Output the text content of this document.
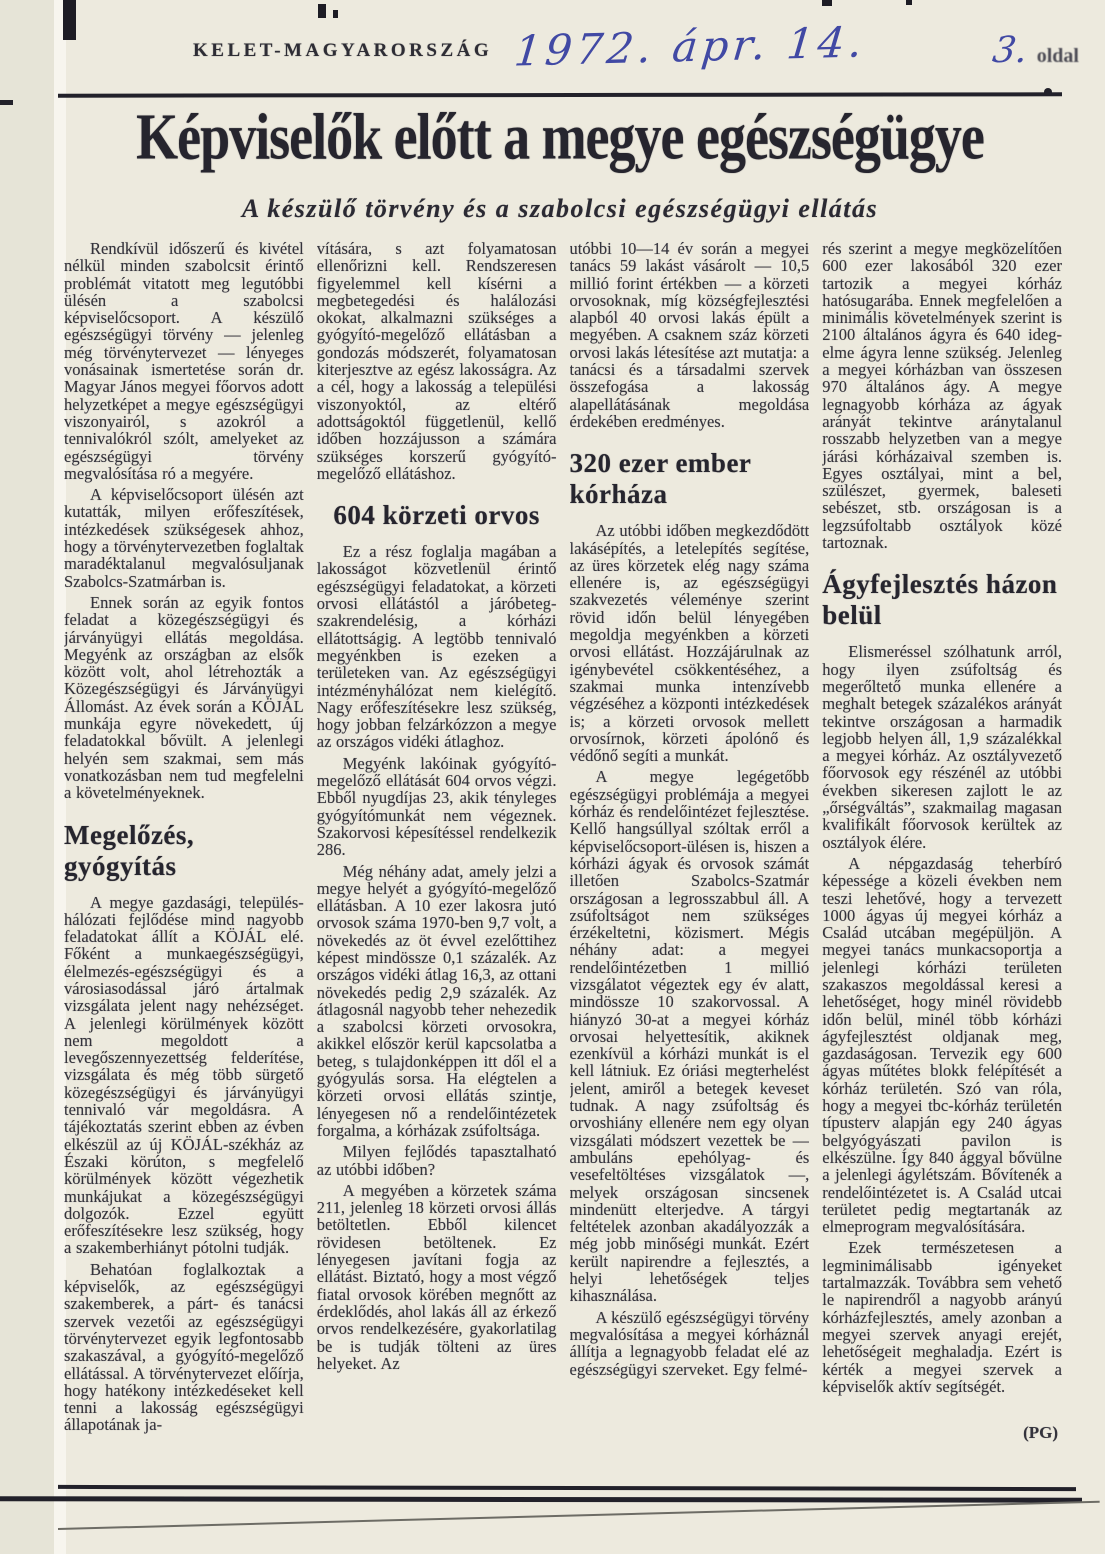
KELET-MAGYARORSZÁG 1972. ápr. 14.	3. oldal
Képviselők előtt a megye egészségügye
A készülő törvény és a szabolcsi egészségügyi ellátás

Rendkívül időszerű és kivétel nélkül minden szabolcsit érintő problémát vitatott meg legutóbbi ülésén a szabolcsi képviselőcsoport. A készülő egészségügyi törvény — jelenleg még törvénytervezet — lényeges vonásainak ismertetése során dr. Magyar János megyei főorvos adott helyzetképet a megye egészségügyi viszonyairól, s azokról a tennivalókról szólt, amelyeket az egészségügyi törvény megvalósítása ró a megyére.

A képviselőcsoport ülésén azt kutatták, milyen erőfeszítések, intézkedések szükségesek ahhoz, hogy a törvénytervezetben foglaltak maradéktalanul megvalósuljanak Szabolcs-Szatmárban is.

Ennek során az egyik fontos feladat a közegészségügyi és járványügyi ellátás megoldása. Megyénk az országban az elsők között volt, ahol létrehozták a Közegészségügyi és Járványügyi Állomást. Az évek során a KÖJÁL munkája egyre növekedett, új feladatokkal bővült. A jelenlegi helyén sem szakmai, sem más vonatkozásban nem tud megfelelni a követelményeknek.

Megelőzés, gyógyítás

A megye gazdasági, település-hálózati fejlődése mind nagyobb feladatokat állít a KÖJÁL elé. Főként a munkaegészségügyi, élelmezés-egészségügyi és a városiasodással járó ártalmak vizsgálata jelent nagy nehézséget. A jelenlegi körülmények között nem megoldott a levegőszennyezettség felderítése, vizsgálata és még több sürgető közegészségügyi és járványügyi tennivaló vár megoldásra. A tájékoztatás szerint ebben az évben elkészül az új KÖJÁL-székház az Északi körúton, s megfelelő körülmények között végezhetik munkájukat a közegészségügyi dolgozók. Ezzel együtt erőfeszítésekre lesz szükség, hogy a szakemberhiányt pótolni tudják.

Behatóan foglalkoztak a képviselők, az egészségügyi szakemberek, a párt- és tanácsi szervek vezetői az egészségügyi törvénytervezet egyik legfontosabb szakaszával, a gyógyító-megelőző ellátással. A törvénytervezet előírja, hogy hatékony intézkedéseket kell tenni a lakosság egészségügyi állapotának ja-

vítására, s azt folyamatosan ellenőrizni kell. Rendszeresen figyelemmel kell kísérni a megbetegedési és halálozási okokat, alkalmazni szükséges a gyógyító-megelőző ellátásban a gondozás módszerét, folyamatosan kiterjesztve az egész lakosságra. Az a cél, hogy a lakosság a települési viszonyoktól, az eltérő adottságoktól függetlenül, kellő időben hozzájusson a számára szükséges korszerű gyógyító-megelőző ellátáshoz.

604 körzeti orvos

Ez a rész foglalja magában a lakosságot közvetlenül érintő egészségügyi feladatokat, a körzeti orvosi ellátástól a járóbeteg-szakrendelésig, a kórházi ellátottságig. A legtöbb tennivaló megyénkben is ezeken a területeken van. Az egészségügyi intézményhálózat nem kielégítő. Nagy erőfeszítésekre lesz szükség, hogy jobban felzárkózzon a megye az országos vidéki átlaghoz.

Megyénk lakóinak gyógyító-megelőző ellátását 604 orvos végzi. Ebből nyugdíjas 23, akik tényleges gyógyítómunkát nem végeznek. Szakorvosi képesítéssel rendelkezik 286.

Még néhány adat, amely jelzi a megye helyét a gyógyító-megelőző ellátásban. A 10 ezer lakosra jutó orvosok száma 1970-ben 9,7 volt, a növekedés az öt évvel ezelőttihez képest mindössze 0,1 százalék. Az országos vidéki átlag 16,3, az ottani növekedés pedig 2,9 százalék. Az átlagosnál nagyobb teher nehezedik a szabolcsi körzeti orvosokra, akikkel először kerül kapcsolatba a beteg, s tulajdonképpen itt dől el a gyógyulás sorsa. Ha elégtelen a körzeti orvosi ellátás szintje, lényegesen nő a rendelőintézetek forgalma, a kórházak zsúfoltsága.

Milyen fejlődés tapasztalható az utóbbi időben?

A megyében a körzetek száma 211, jelenleg 18 körzeti orvosi állás betöltetlen. Ebből kilencet rövidesen betöltenek. Ez lényegesen javítani fogja az ellátást. Biztató, hogy a most végző fiatal orvosok körében megnőtt az érdeklődés, ahol lakás áll az érkező orvos rendelkezésére, gyakorlatilag be is tudják tölteni az üres helyeket. Az

utóbbi 10—14 év során a megyei tanács 59 lakást vásárolt — 10,5 millió forint értékben — a körzeti orvosoknak, míg községfejlesztési alapból 40 orvosi lakás épült a megyében. A csaknem száz körzeti orvosi lakás létesítése azt mutatja: a tanácsi és a társadalmi szervek összefogása a lakosság alapellátásának megoldása érdekében eredményes.

320 ezer ember kórháza

Az utóbbi időben megkezdődött lakásépítés, a letelepítés segítése, az üres körzetek elég nagy száma ellenére is, az egészségügyi szakvezetés véleménye szerint rövid időn belül lényegében megoldja megyénkben a körzeti orvosi ellátást. Hozzájárulnak az igénybevétel csökkentéséhez, a szakmai munka intenzívebb végzéséhez a központi intézkedések is; a körzeti orvosok mellett orvosírnok, körzeti ápolónő és védőnő segíti a munkát.

A megye legégetőbb egészségügyi problémája a megyei kórház és rendelőintézet fejlesztése. Kellő hangsúllyal szóltak erről a képviselőcsoport-ülésen is, hiszen a kórházi ágyak és orvosok számát illetően Szabolcs-Szatmár országosan a legrosszabbul áll. A zsúfoltságot nem szükséges érzékeltetni, közismert. Mégis néhány adat: a megyei rendelőintézetben 1 millió vizsgálatot végeztek egy év alatt, mindössze 10 szakorvossal. A hiányzó 30-at a megyei kórház orvosai helyettesítik, akiknek ezenkívül a kórházi munkát is el kell látniuk. Ez óriási megterhelést jelent, amiről a betegek keveset tudnak. A nagy zsúfoltság és orvoshiány ellenére nem egy olyan vizsgálati módszert vezettek be — ambuláns epehólyag- és vesefeltöltéses vizsgálatok —, melyek országosan sincsenek mindenütt elterjedve. A tárgyi feltételek azonban akadályozzák a még jobb minőségi munkát. Ezért került napirendre a fejlesztés, a helyi lehetőségek teljes kihasználása.

A készülő egészségügyi törvény megvalósítása a megyei kórháznál állítja a legnagyobb feladat elé az egészségügyi szerveket. Egy felmé-

rés szerint a megye megközelítően 600 ezer lakosából 320 ezer tartozik a megyei kórház hatósugarába. Ennek megfelelően a minimális követelmények szerint is 2100 általános ágyra és 640 ideg-elme ágyra lenne szükség. Jelenleg a megyei kórházban van összesen 970 általános ágy. A megye legnagyobb kórháza az ágyak arányát tekintve aránytalanul rosszabb helyzetben van a megye járási kórházaival szemben is. Egyes osztályai, mint a bel, szülészet, gyermek, baleseti sebészet, stb. országosan is a legzsúfoltabb osztályok közé tartoznak.

Ágyfejlesztés házon belül

Elismeréssel szólhatunk arról, hogy ilyen zsúfoltság és megerőltető munka ellenére a meghalt betegek százalékos arányát tekintve országosan a harmadik legjobb helyen áll, 1,9 százalékkal a megyei kórház. Az osztályvezető főorvosok egy részénél az utóbbi években sikeresen zajlott le az „őrségváltás”, szakmailag magasan kvalifikált főorvosok kerültek az osztályok élére.

A népgazdaság teherbíró képessége a közeli években nem teszi lehetővé, hogy a tervezett 1000 ágyas új megyei kórház a Család utcában megépüljön. A megyei tanács munkacsoportja a jelenlegi kórházi területen szakaszos megoldással keresi a lehetőséget, hogy minél rövidebb időn belül, minél több kórházi ágyfejlesztést oldjanak meg, gazdaságosan. Tervezik egy 600 ágyas műtétes blokk felépítését a kórház területén. Szó van róla, hogy a megyei tbc-kórház területén típusterv alapján egy 240 ágyas belgyógyászati pavilon is elkészülne. Így 840 ággyal bővülne a jelenlegi ágylétszám. Bővítenék a rendelőintézetet is. A Család utcai területet pedig megtartanák az elmeprogram megvalósítására.

Ezek természetesen a legminimálisabb igényeket tartalmazzák. Továbbra sem vehető le napirendről a nagyobb arányú kórházfejlesztés, amely azonban a megyei szervek anyagi erejét, lehetőségeit meghaladja. Ezért is kérték a megyei szervek a képviselők aktív segítségét.

(PG)
